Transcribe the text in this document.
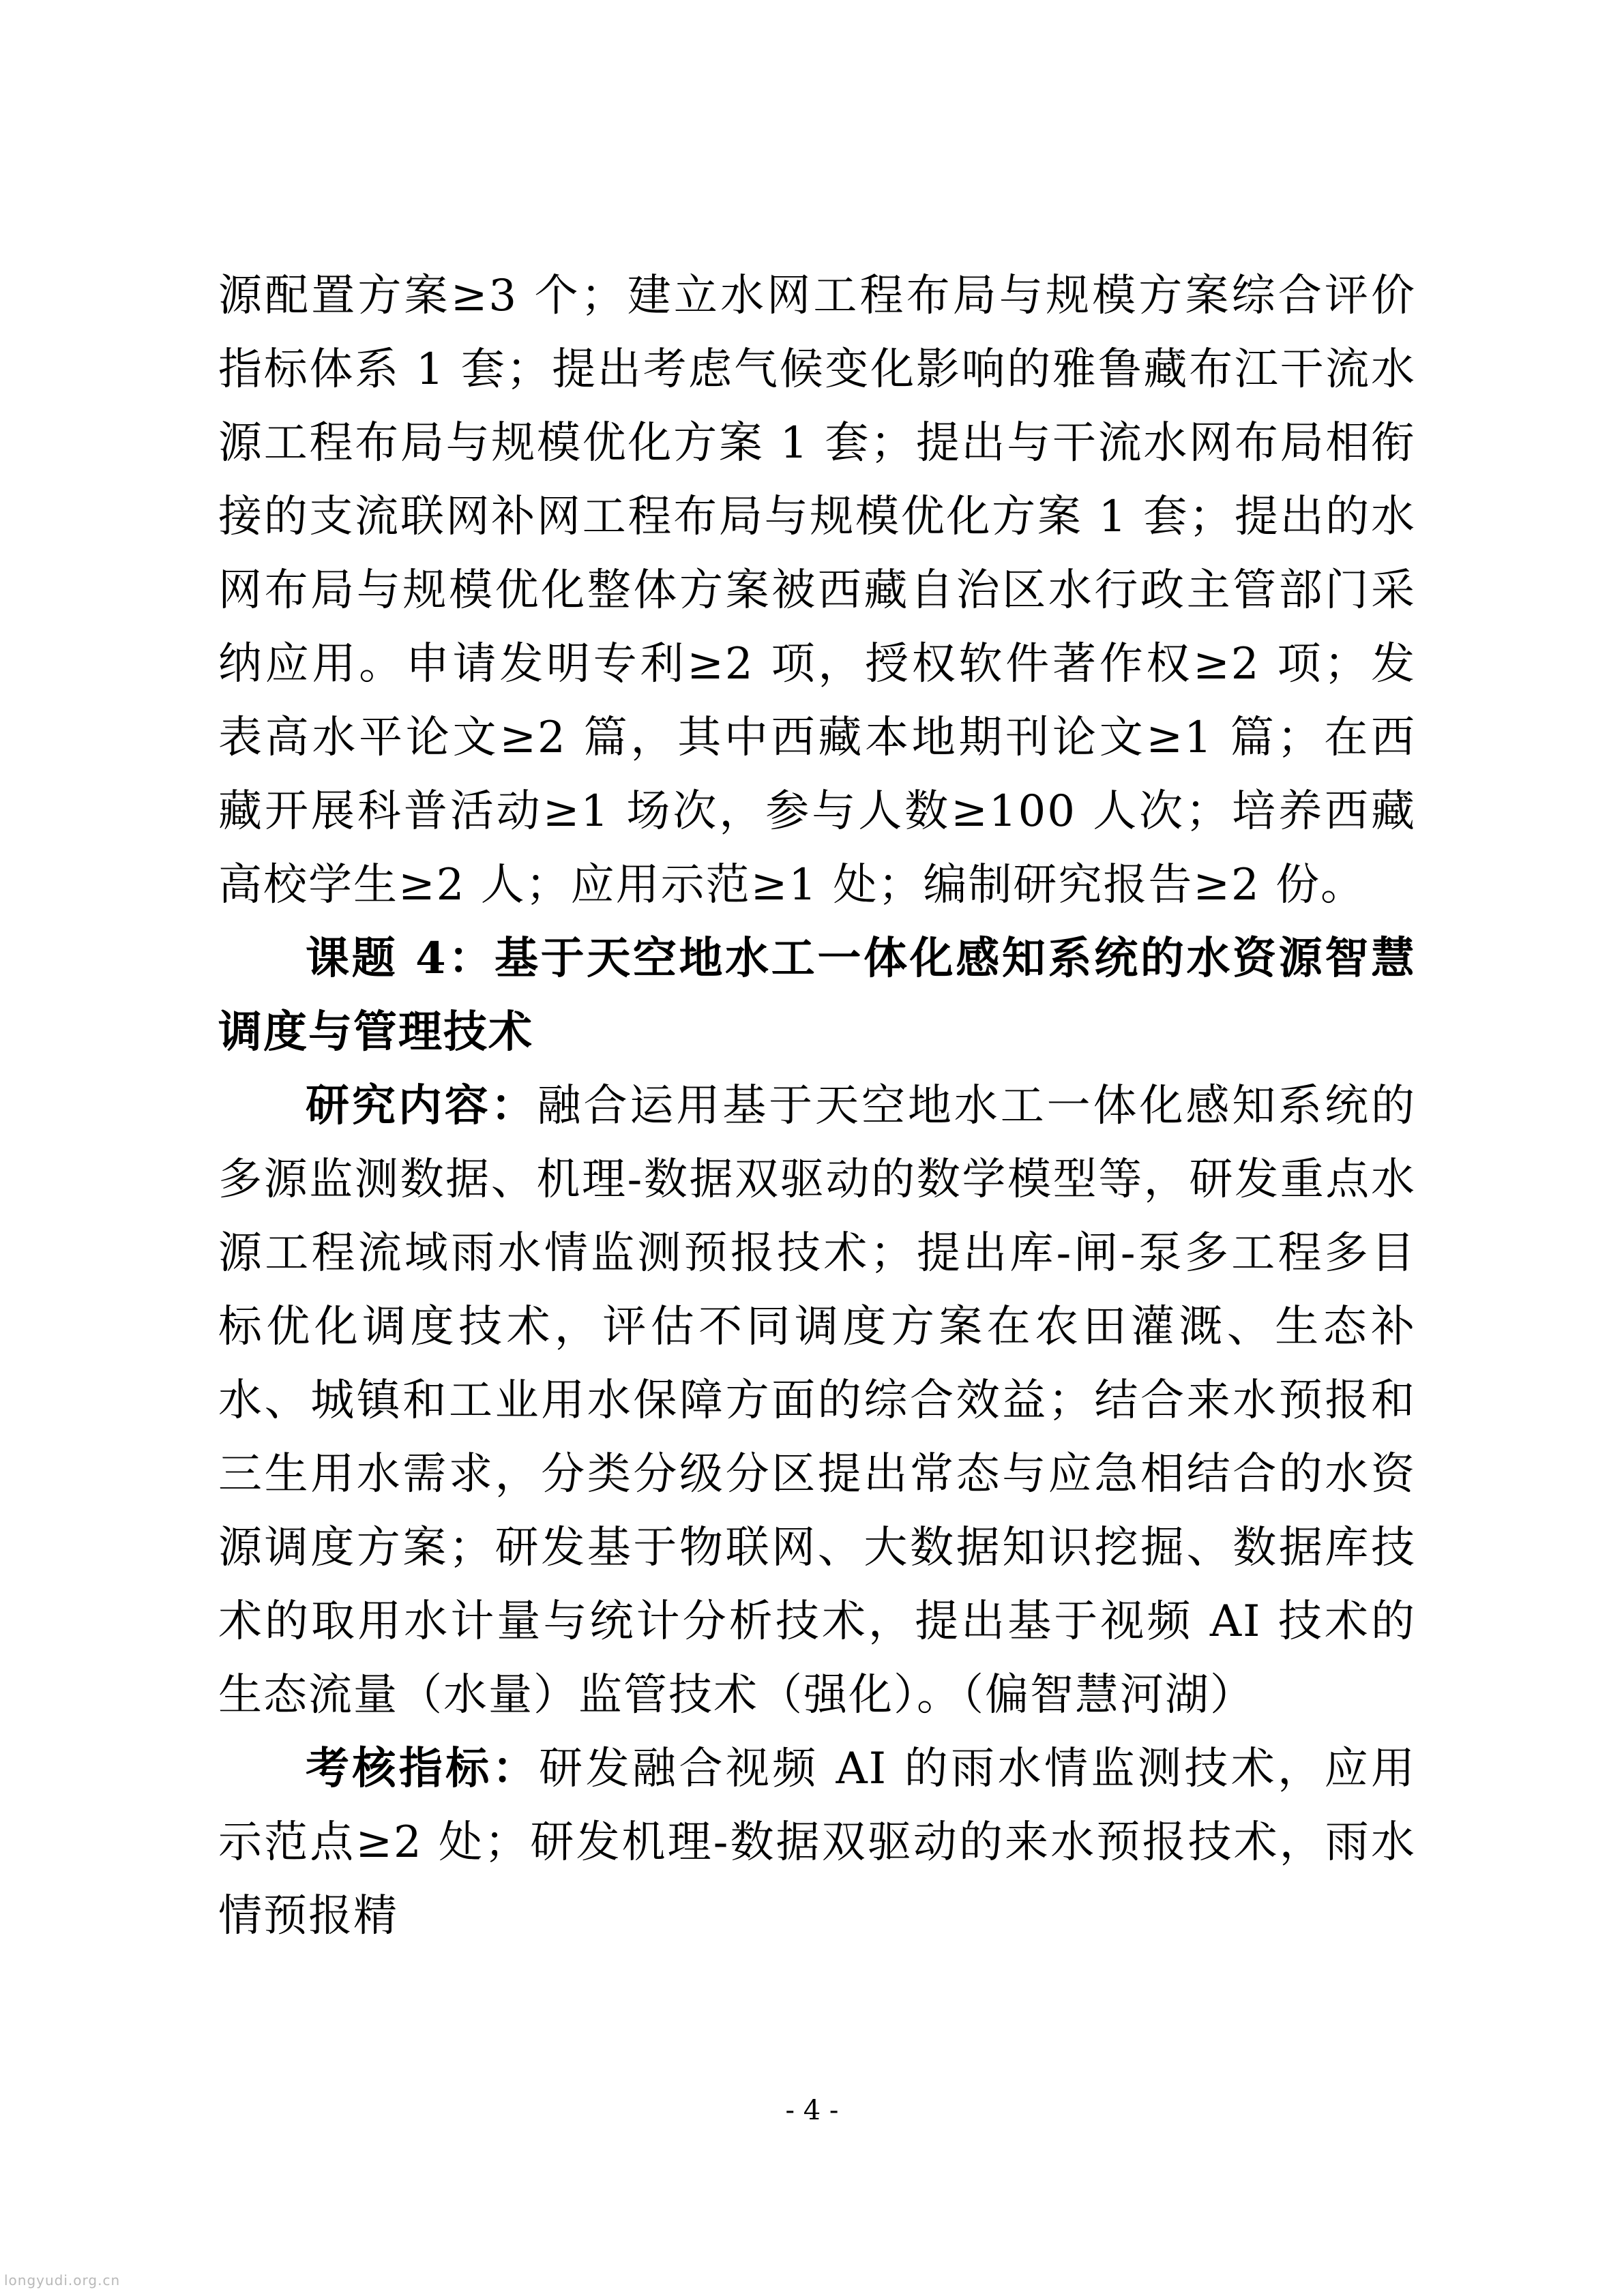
源配置方案≥3 个；建立水网工程布局与规模方案综合评价指标体系 1 套；提出考虑气候变化影响的雅鲁藏布江干流水源工程布局与规模优化方案 1 套；提出与干流水网布局相衔接的支流联网补网工程布局与规模优化方案 1 套；提出的水网布局与规模优化整体方案被西藏自治区水行政主管部门采纳应用。申请发明专利≥2 项，授权软件著作权≥2 项；发表高水平论文≥2 篇，其中西藏本地期刊论文≥1 篇；在西藏开展科普活动≥1 场次，参与人数≥100 人次；培养西藏高校学生≥2 人；应用示范≥1 处；编制研究报告≥2 份。

课题 4：基于天空地水工一体化感知系统的水资源智慧调度与管理技术

研究内容：融合运用基于天空地水工一体化感知系统的多源监测数据、机理-数据双驱动的数学模型等，研发重点水源工程流域雨水情监测预报技术；提出库-闸-泵多工程多目标优化调度技术，评估不同调度方案在农田灌溉、生态补水、城镇和工业用水保障方面的综合效益；结合来水预报和三生用水需求，分类分级分区提出常态与应急相结合的水资源调度方案；研发基于物联网、大数据知识挖掘、数据库技术的取用水计量与统计分析技术，提出基于视频 AI 技术的生态流量（水量）监管技术（强化）。（偏智慧河湖）

考核指标：研发融合视频 AI 的雨水情监测技术，应用示范点≥2 处；研发机理-数据双驱动的来水预报技术，雨水情预报精

- 4 -
longyudi.org.cn
